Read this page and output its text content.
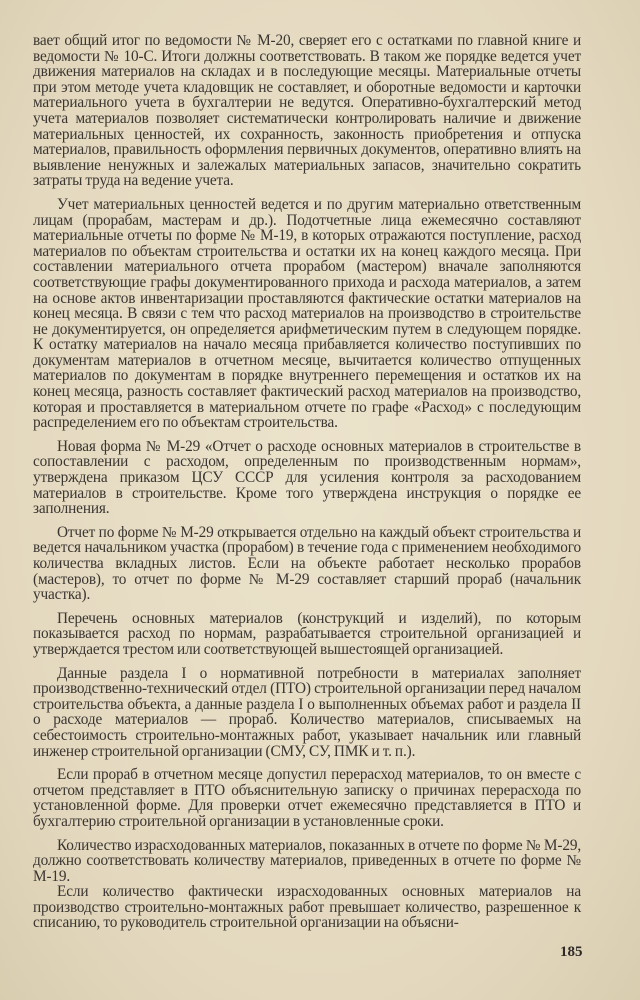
вает общий итог по ведомости № М-20, сверяет его с остатками по главной книге и ведомости № 10-С. Итоги должны соответствовать. В таком же порядке ведется учет движения материалов на складах и в последующие месяцы. Материальные отчеты при этом методе учета кладовщик не составляет, и оборотные ведомости и карточки материального учета в бухгалтерии не ведутся. Оперативно-бухгалтерский метод учета материалов позволяет систематически контролировать наличие и движение материальных ценностей, их сохранность, законность приобретения и отпуска материалов, правильность оформления первичных документов, оперативно влиять на выявление ненужных и залежалых материальных запасов, значительно сократить затраты труда на ведение учета.

Учет материальных ценностей ведется и по другим материально ответственным лицам (прорабам, мастерам и др.). Подотчетные лица ежемесячно составляют материальные отчеты по форме № М-19, в которых отражаются поступление, расход материалов по объектам строительства и остатки их на конец каждого месяца. При составлении материального отчета прорабом (мастером) вначале заполняются соответствующие графы документированного прихода и расхода материалов, а затем на основе актов инвентаризации проставляются фактические остатки материалов на конец месяца. В связи с тем что расход материалов на производство в строительстве не документируется, он определяется арифметическим путем в следующем порядке. К остатку материалов на начало месяца прибавляется количество поступивших по документам материалов в отчетном месяце, вычитается количество отпущенных материалов по документам в порядке внутреннего перемещения и остатков их на конец месяца, разность составляет фактический расход материалов на производство, которая и проставляется в материальном отчете по графе «Расход» с последующим распределением его по объектам строительства.

Новая форма № М-29 «Отчет о расходе основных материалов в строительстве в сопоставлении с расходом, определенным по производственным нормам», утверждена приказом ЦСУ СССР для усиления контроля за расходованием материалов в строительстве. Кроме того утверждена инструкция о порядке ее заполнения.

Отчет по форме № М-29 открывается отдельно на каждый объект строительства и ведется начальником участка (прорабом) в течение года с применением необходимого количества вкладных листов. Если на объекте работает несколько прорабов (мастеров), то отчет по форме № М-29 составляет старший прораб (начальник участка).

Перечень основных материалов (конструкций и изделий), по которым показывается расход по нормам, разрабатывается строительной организацией и утверждается трестом или соответствующей вышестоящей организацией.

Данные раздела I о нормативной потребности в материалах заполняет производственно-технический отдел (ПТО) строительной организации перед началом строительства объекта, а данные раздела I о выполненных объемах работ и раздела II о расходе материалов — прораб. Количество материалов, списываемых на себестоимость строительно-монтажных работ, указывает начальник или главный инженер строительной организации (СМУ, СУ, ПМК и т. п.).

Если прораб в отчетном месяце допустил перерасход материалов, то он вместе с отчетом представляет в ПТО объяснительную записку о причинах перерасхода по установленной форме. Для проверки отчет ежемесячно представляется в ПТО и бухгалтерию строительной организации в установленные сроки.

Количество израсходованных материалов, показанных в отчете по форме № М-29, должно соответствовать количеству материалов, приведенных в отчете по форме № М-19.

Если количество фактически израсходованных основных материалов на производство строительно-монтажных работ превышает количество, разрешенное к списанию, то руководитель строительной организации на объясни-

185
